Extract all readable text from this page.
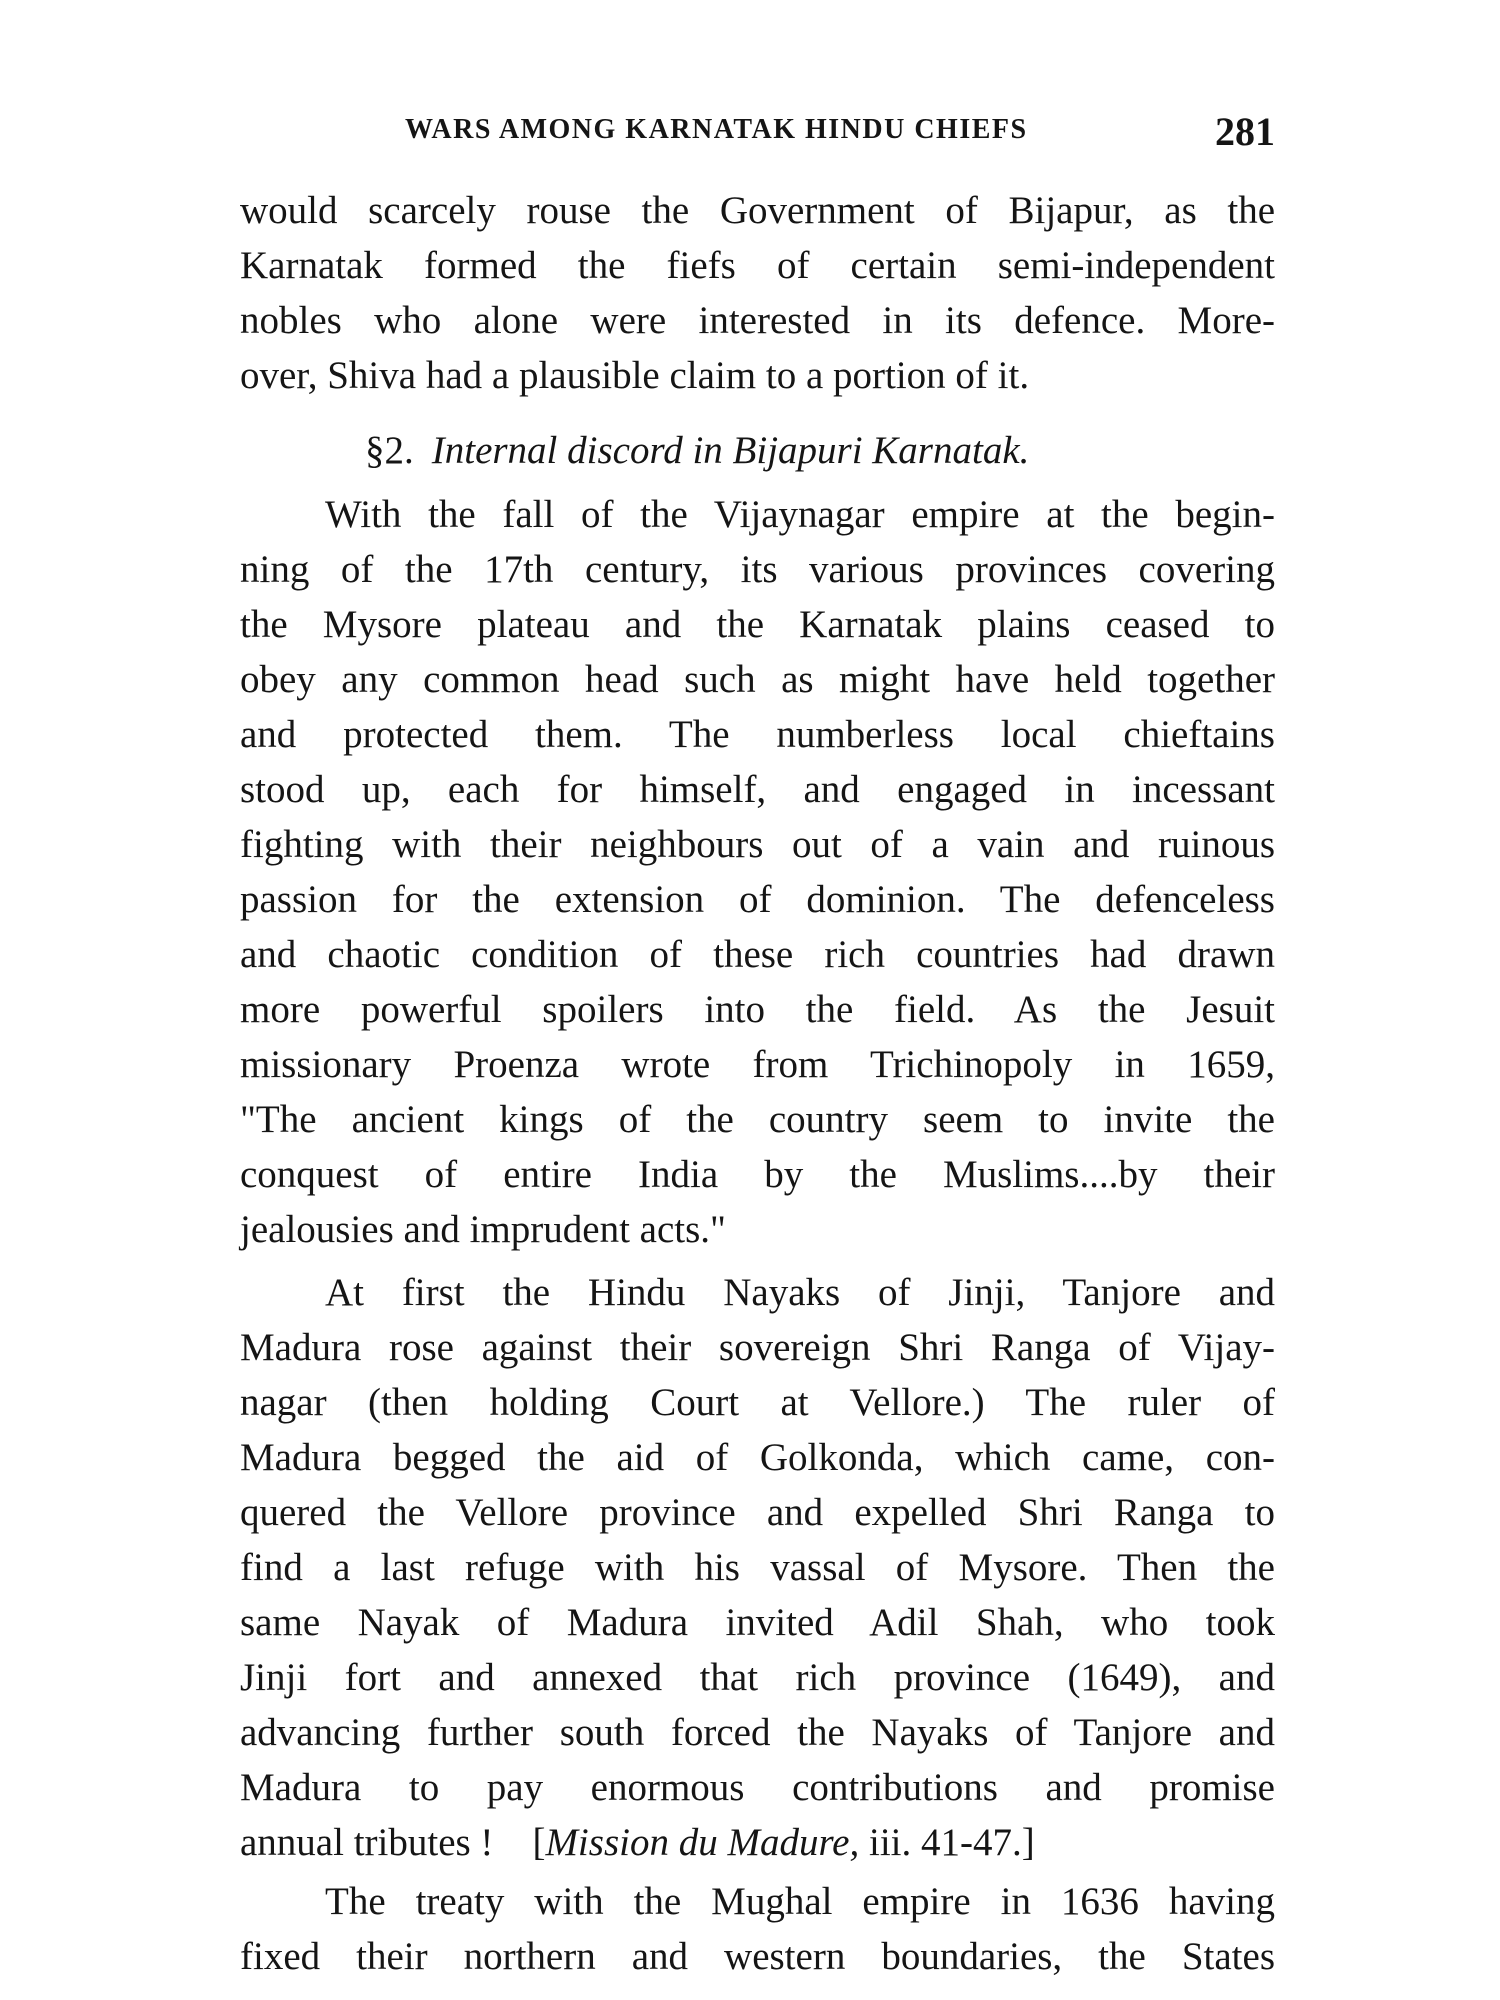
WARS AMONG KARNATAK HINDU CHIEFS	281
would scarcely rouse the Government of Bijapur, as the
Karnatak formed the fiefs of certain semi-independent
nobles who alone were interested in its defence. More-
over, Shiva had a plausible claim to a portion of it.
§2. Internal discord in Bijapuri Karnatak.
With the fall of the Vijaynagar empire at the begin-
ning of the 17th century, its various provinces covering
the Mysore plateau and the Karnatak plains ceased to
obey any common head such as might have held together
and protected them. The numberless local chieftains
stood up, each for himself, and engaged in incessant
fighting with their neighbours out of a vain and ruinous
passion for the extension of dominion. The defenceless
and chaotic condition of these rich countries had drawn
more powerful spoilers into the field. As the Jesuit
missionary Proenza wrote from Trichinopoly in 1659,
"The ancient kings of the country seem to invite the
conquest of entire India by the Muslims....by their
jealousies and imprudent acts."
At first the Hindu Nayaks of Jinji, Tanjore and
Madura rose against their sovereign Shri Ranga of Vijay-
nagar (then holding Court at Vellore.) The ruler of
Madura begged the aid of Golkonda, which came, con-
quered the Vellore province and expelled Shri Ranga to
find a last refuge with his vassal of Mysore. Then the
same Nayak of Madura invited Adil Shah, who took
Jinji fort and annexed that rich province (1649), and
advancing further south forced the Nayaks of Tanjore and
Madura to pay enormous contributions and promise
annual tributes ! [Mission du Madure, iii. 41-47.]
The treaty with the Mughal empire in 1636 having
fixed their northern and western boundaries, the States
